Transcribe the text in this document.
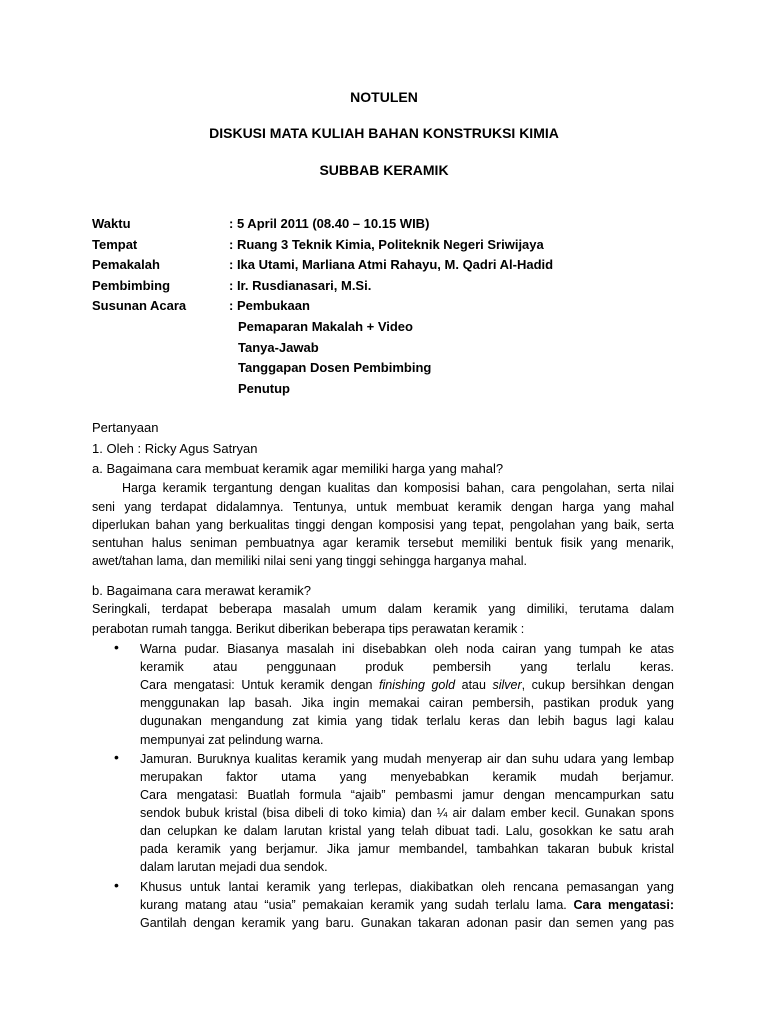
NOTULEN
DISKUSI MATA KULIAH BAHAN KONSTRUKSI KIMIA
SUBBAB KERAMIK
Waktu	: 5 April 2011 (08.40 – 10.15 WIB)
Tempat	: Ruang 3 Teknik Kimia, Politeknik Negeri Sriwijaya
Pemakalah	: Ika Utami, Marliana Atmi Rahayu, M. Qadri Al-Hadid
Pembimbing	: Ir. Rusdianasari, M.Si.
Susunan Acara	: Pembukaan
Pemaparan Makalah + Video
Tanya-Jawab
Tanggapan Dosen Pembimbing
Penutup
Pertanyaan
1. Oleh : Ricky Agus Satryan
a. Bagaimana cara membuat keramik agar memiliki harga yang mahal?
Harga keramik tergantung dengan kualitas dan komposisi bahan, cara pengolahan, serta nilai
seni yang terdapat didalamnya. Tentunya, untuk membuat keramik dengan harga yang mahal
diperlukan bahan yang berkualitas tinggi dengan komposisi yang tepat, pengolahan yang baik, serta
sentuhan halus seniman pembuatnya agar keramik tersebut memiliki bentuk fisik yang menarik,
awet/tahan lama, dan memiliki nilai seni yang tinggi sehingga harganya mahal.
b. Bagaimana cara merawat keramik?
Seringkali, terdapat beberapa masalah umum dalam keramik yang dimiliki, terutama dalam
perabotan rumah tangga. Berikut diberikan beberapa tips perawatan keramik :
• Warna pudar. Biasanya masalah ini disebabkan oleh noda cairan yang tumpah ke atas
keramik atau penggunaan produk pembersih yang terlalu keras.
Cara mengatasi: Untuk keramik dengan finishing gold atau silver, cukup bersihkan dengan
menggunakan lap basah. Jika ingin memakai cairan pembersih, pastikan produk yang
dugunakan mengandung zat kimia yang tidak terlalu keras dan lebih bagus lagi kalau
mempunyai zat pelindung warna.
• Jamuran. Buruknya kualitas keramik yang mudah menyerap air dan suhu udara yang lembap
merupakan faktor utama yang menyebabkan keramik mudah berjamur.
Cara mengatasi: Buatlah formula “ajaib” pembasmi jamur dengan mencampurkan satu
sendok bubuk kristal (bisa dibeli di toko kimia) dan ¼ air dalam ember kecil. Gunakan spons
dan celupkan ke dalam larutan kristal yang telah dibuat tadi. Lalu, gosokkan ke satu arah
pada keramik yang berjamur. Jika jamur membandel, tambahkan takaran bubuk kristal
dalam larutan mejadi dua sendok.
• Khusus untuk lantai keramik yang terlepas, diakibatkan oleh rencana pemasangan yang
kurang matang atau “usia” pemakaian keramik yang sudah terlalu lama. Cara mengatasi:
Gantilah dengan keramik yang baru. Gunakan takaran adonan pasir dan semen yang pas
